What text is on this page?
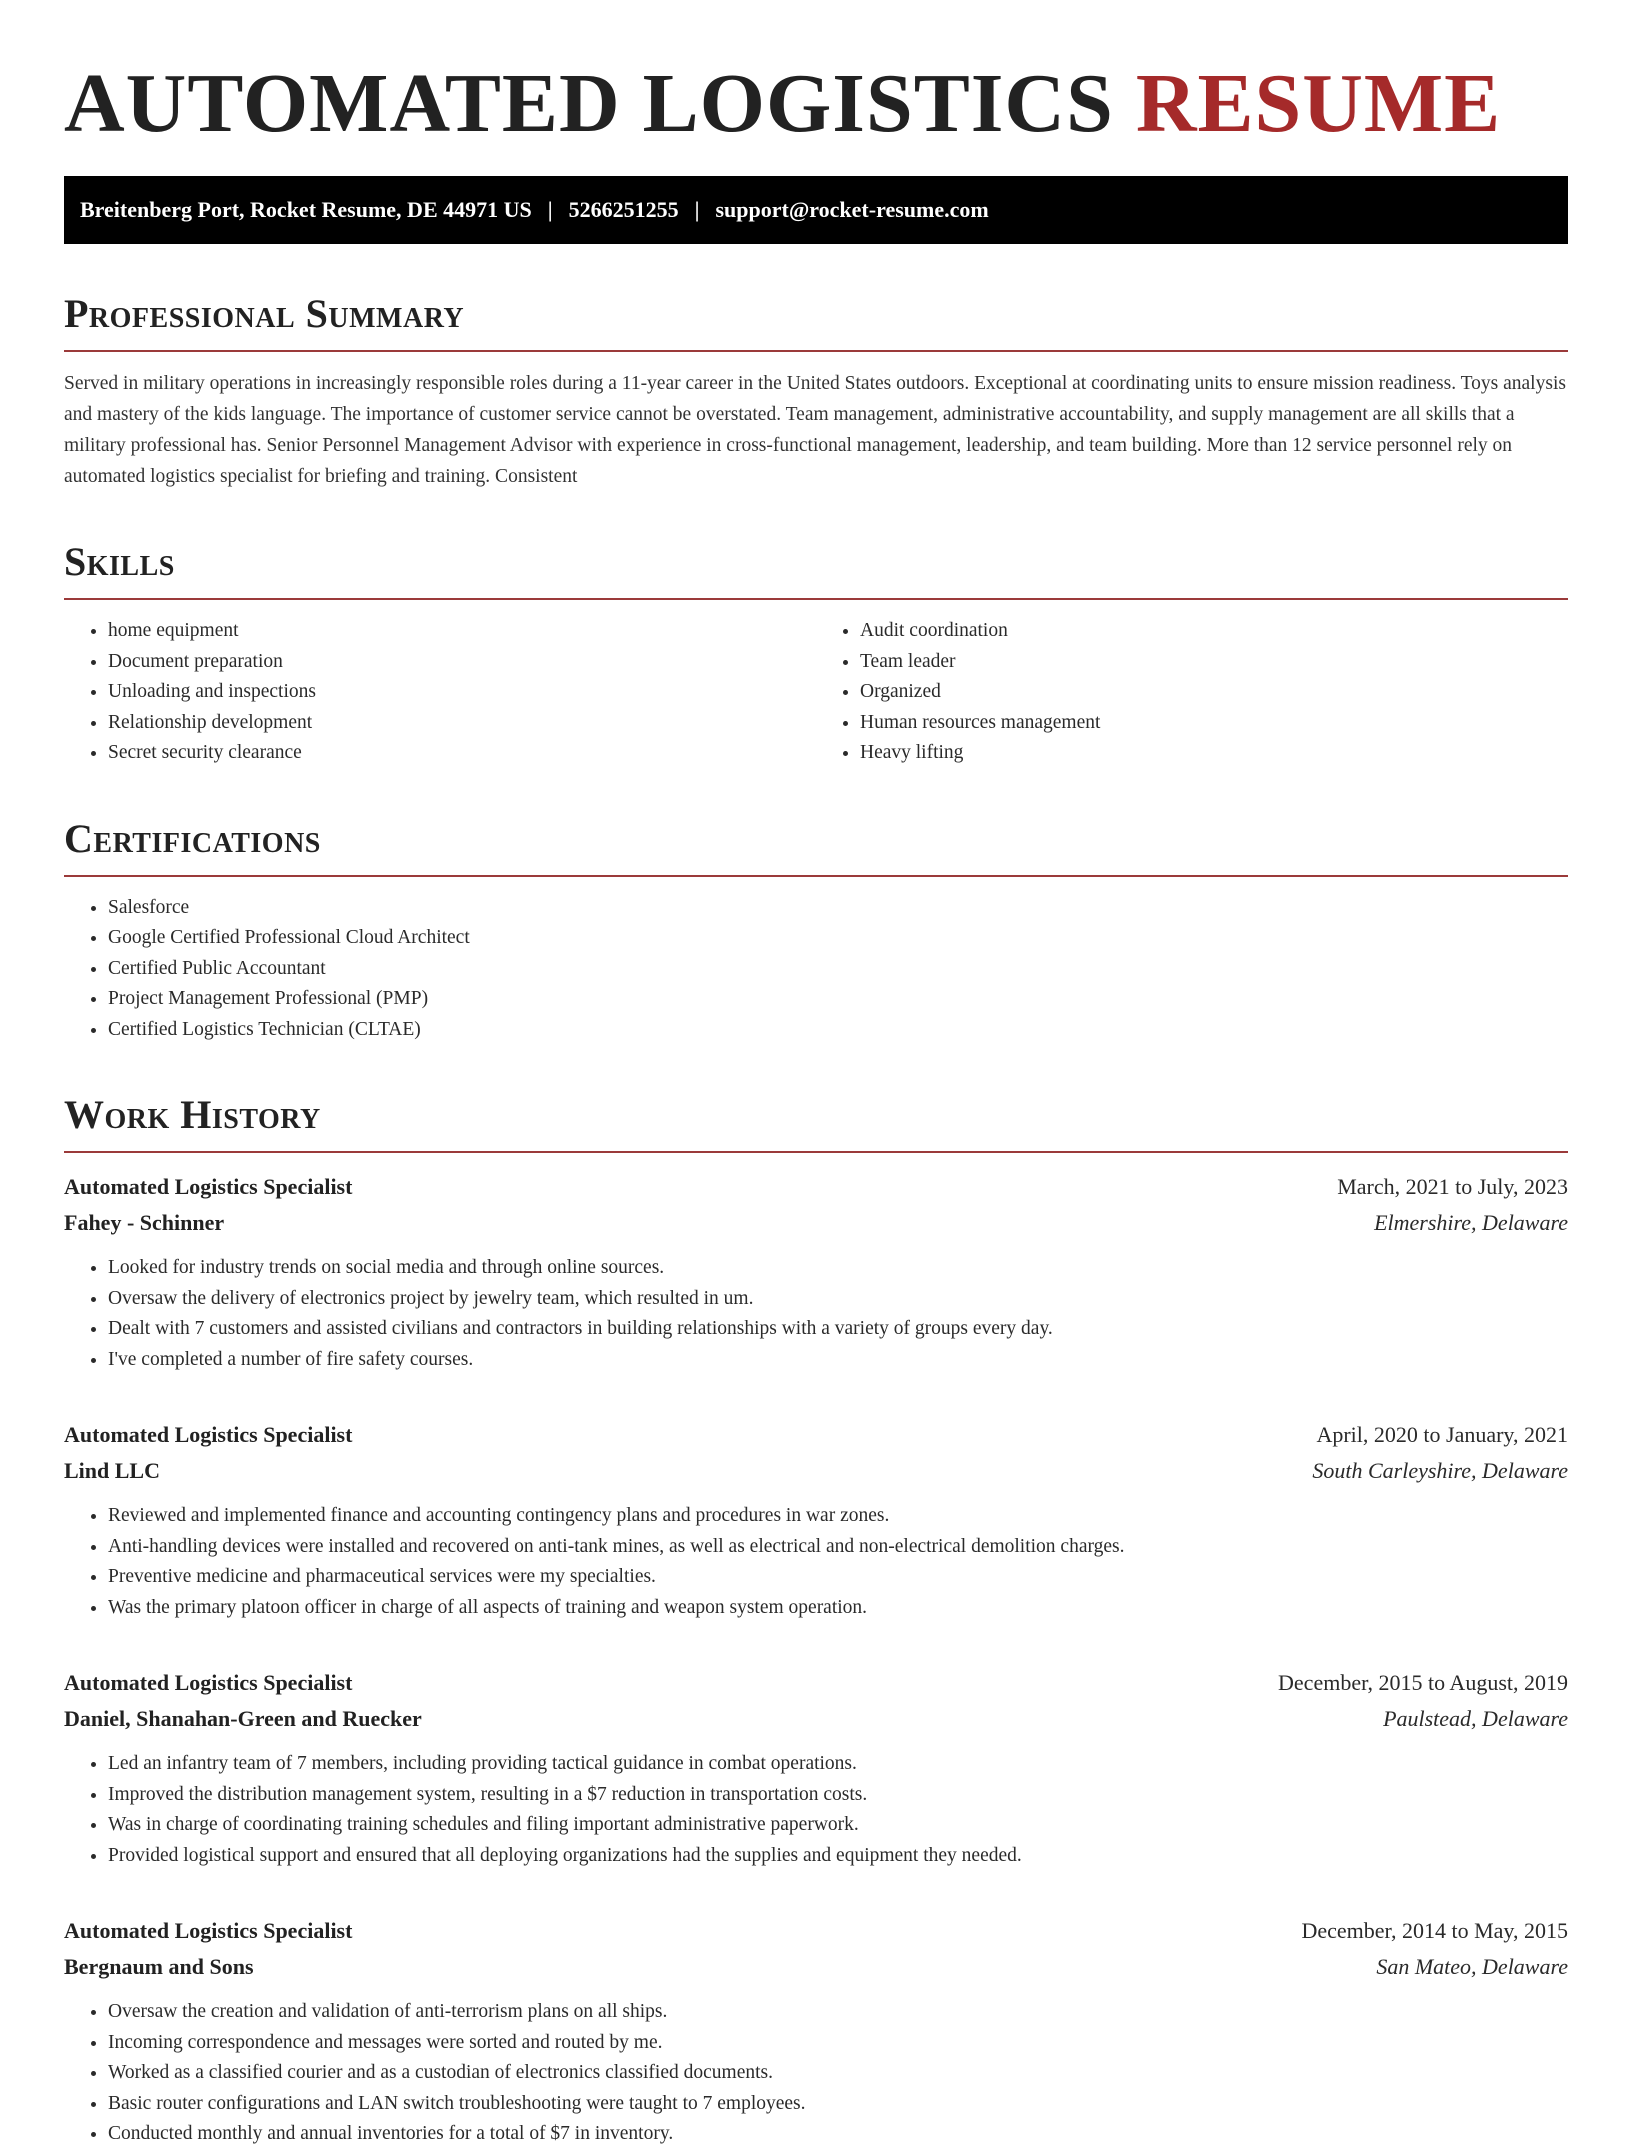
AUTOMATED LOGISTICS RESUME
Breitenberg Port, Rocket Resume, DE 44971 US | 5266251255 | support@rocket-resume.com
Professional Summary

Served in military operations in increasingly responsible roles during a 11-year career in the United States outdoors. Exceptional at coordinating units to ensure mission readiness. Toys analysis and mastery of the kids language. The importance of customer service cannot be overstated. Team management, administrative accountability, and supply management are all skills that a military professional has. Senior Personnel Management Advisor with experience in cross-functional management, leadership, and team building. More than 12 service personnel rely on automated logistics specialist for briefing and training. Consistent

Skills
• home equipment
• Document preparation
• Unloading and inspections
• Relationship development
• Secret security clearance
• Audit coordination
• Team leader
• Organized
• Human resources management
• Heavy lifting
Certifications
• Salesforce
• Google Certified Professional Cloud Architect
• Certified Public Accountant
• Project Management Professional (PMP)
• Certified Logistics Technician (CLTAE)
Work History
Automated Logistics Specialist	March, 2021 to July, 2023
Fahey - Schinner	Elmershire, Delaware
• Looked for industry trends on social media and through online sources.
• Oversaw the delivery of electronics project by jewelry team, which resulted in um.
• Dealt with 7 customers and assisted civilians and contractors in building relationships with a variety of groups every day.
• I've completed a number of fire safety courses.
Automated Logistics Specialist	April, 2020 to January, 2021
Lind LLC	South Carleyshire, Delaware
• Reviewed and implemented finance and accounting contingency plans and procedures in war zones.
• Anti-handling devices were installed and recovered on anti-tank mines, as well as electrical and non-electrical demolition charges.
• Preventive medicine and pharmaceutical services were my specialties.
• Was the primary platoon officer in charge of all aspects of training and weapon system operation.
Automated Logistics Specialist	December, 2015 to August, 2019
Daniel, Shanahan-Green and Ruecker	Paulstead, Delaware
• Led an infantry team of 7 members, including providing tactical guidance in combat operations.
• Improved the distribution management system, resulting in a $7 reduction in transportation costs.
• Was in charge of coordinating training schedules and filing important administrative paperwork.
• Provided logistical support and ensured that all deploying organizations had the supplies and equipment they needed.
Automated Logistics Specialist	December, 2014 to May, 2015
Bergnaum and Sons	San Mateo, Delaware
• Oversaw the creation and validation of anti-terrorism plans on all ships.
• Incoming correspondence and messages were sorted and routed by me.
• Worked as a classified courier and as a custodian of electronics classified documents.
• Basic router configurations and LAN switch troubleshooting were taught to 7 employees.
• Conducted monthly and annual inventories for a total of $7 in inventory.
